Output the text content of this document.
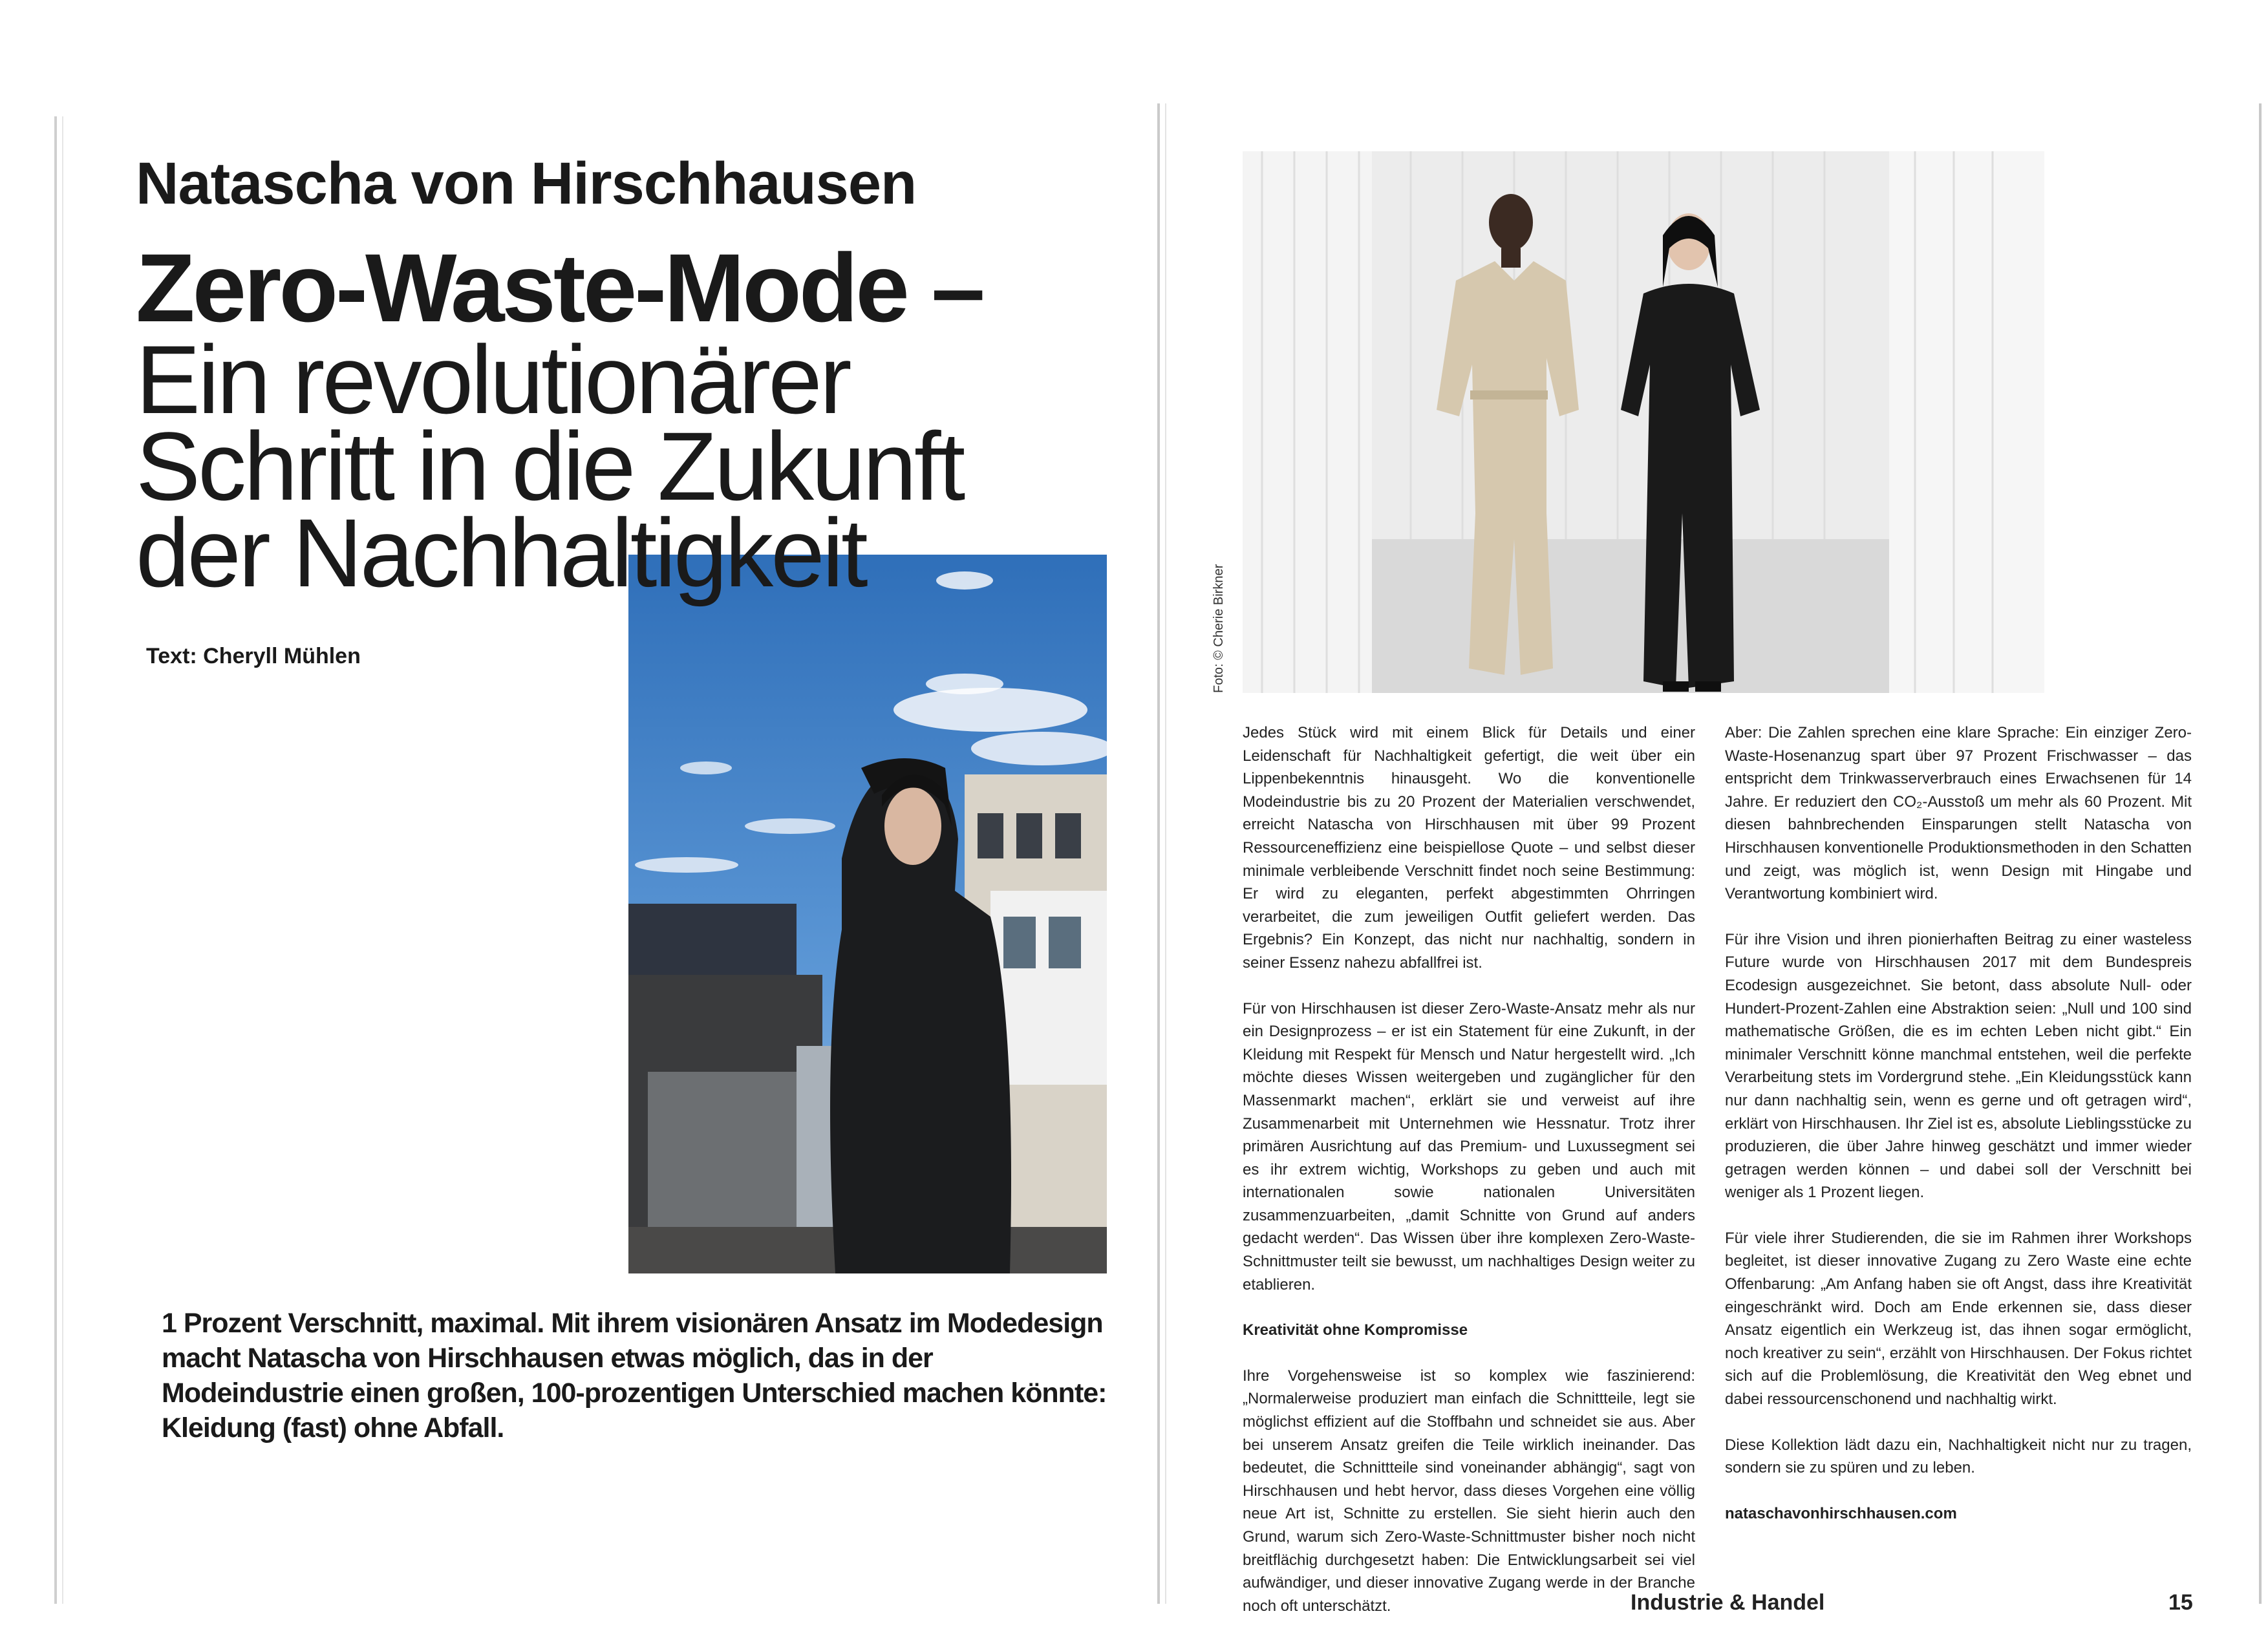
Natascha von Hirschhausen
Zero-Waste-Mode –
Ein revolutionärer
Schritt in die Zukunft
der Nachhaltigkeit
Text: Cheryll Mühlen
1 Prozent Verschnitt, maximal. Mit ihrem visionären Ansatz im Modedesign macht Natascha von Hirschhausen etwas möglich, das in der Modeindustrie einen großen, 100-prozentigen Unterschied machen könnte: Kleidung (fast) ohne Abfall.
Foto: © Cherie Birkner

Jedes Stück wird mit einem Blick für Details und einer Leidenschaft für Nachhaltigkeit gefertigt, die weit über ein Lippenbekenntnis hinausgeht. Wo die konventionelle Modeindustrie bis zu 20 Prozent der Materialien verschwendet, erreicht Natascha von Hirschhausen mit über 99 Prozent Ressourceneffizienz eine beispiellose Quote – und selbst dieser minimale verbleibende Verschnitt findet noch seine Bestimmung: Er wird zu eleganten, perfekt abgestimmten Ohrringen verarbeitet, die zum jeweiligen Outfit geliefert werden. Das Ergebnis? Ein Konzept, das nicht nur nachhaltig, sondern in seiner Essenz nahezu abfallfrei ist.

Für von Hirschhausen ist dieser Zero-Waste-Ansatz mehr als nur ein Designprozess – er ist ein Statement für eine Zukunft, in der Kleidung mit Respekt für Mensch und Natur hergestellt wird. „Ich möchte dieses Wissen weitergeben und zugänglicher für den Massenmarkt machen“, erklärt sie und verweist auf ihre Zusammenarbeit mit Unternehmen wie Hessnatur. Trotz ihrer primären Ausrichtung auf das Premium- und Luxussegment sei es ihr extrem wichtig, Workshops zu geben und auch mit internationalen sowie nationalen Universitäten zusammenzuarbeiten, „damit Schnitte von Grund auf anders gedacht werden“. Das Wissen über ihre komplexen Zero-Waste-Schnittmuster teilt sie bewusst, um nachhaltiges Design weiter zu etablieren.

Kreativität ohne Kompromisse

Ihre Vorgehensweise ist so komplex wie faszinierend: „Normalerweise produziert man einfach die Schnittteile, legt sie möglichst effizient auf die Stoffbahn und schneidet sie aus. Aber bei unserem Ansatz greifen die Teile wirklich ineinander. Das bedeutet, die Schnittteile sind voneinander abhängig“, sagt von Hirschhausen und hebt hervor, dass dieses Vorgehen eine völlig neue Art ist, Schnitte zu erstellen. Sie sieht hierin auch den Grund, warum sich Zero-Waste-Schnittmuster bisher noch nicht breitflächig durchgesetzt haben: Die Entwicklungsarbeit sei viel aufwändiger, und dieser innovative Zugang werde in der Branche noch oft unterschätzt.

Aber: Die Zahlen sprechen eine klare Sprache: Ein einziger Zero-Waste-Hosenanzug spart über 97 Prozent Frischwasser – das entspricht dem Trinkwasserverbrauch eines Erwachsenen für 14 Jahre. Er reduziert den CO₂-Ausstoß um mehr als 60 Prozent. Mit diesen bahnbrechenden Einsparungen stellt Natascha von Hirschhausen konventionelle Produktionsmethoden in den Schatten und zeigt, was möglich ist, wenn Design mit Hingabe und Verantwortung kombiniert wird.

Für ihre Vision und ihren pionierhaften Beitrag zu einer wasteless Future wurde von Hirschhausen 2017 mit dem Bundespreis Ecodesign ausgezeichnet. Sie betont, dass absolute Null- oder Hundert-Prozent-Zahlen eine Abstraktion seien: „Null und 100 sind mathematische Größen, die es im echten Leben nicht gibt.“ Ein minimaler Verschnitt könne manchmal entstehen, weil die perfekte Verarbeitung stets im Vordergrund stehe. „Ein Kleidungsstück kann nur dann nachhaltig sein, wenn es gerne und oft getragen wird“, erklärt von Hirschhausen. Ihr Ziel ist es, absolute Lieblingsstücke zu produzieren, die über Jahre hinweg geschätzt und immer wieder getragen werden können – und dabei soll der Verschnitt bei weniger als 1 Prozent liegen.

Für viele ihrer Studierenden, die sie im Rahmen ihrer Workshops begleitet, ist dieser innovative Zugang zu Zero Waste eine echte Offenbarung: „Am Anfang haben sie oft Angst, dass ihre Kreativität eingeschränkt wird. Doch am Ende erkennen sie, dass dieser Ansatz eigentlich ein Werkzeug ist, das ihnen sogar ermöglicht, noch kreativer zu sein“, erzählt von Hirschhausen. Der Fokus richtet sich auf die Problemlösung, die Kreativität den Weg ebnet und dabei ressourcenschonend und nachhaltig wirkt.

Diese Kollektion lädt dazu ein, Nachhaltigkeit nicht nur zu tragen, sondern sie zu spüren und zu leben.

nataschavonhirschhausen.com
Industrie & Handel	15
